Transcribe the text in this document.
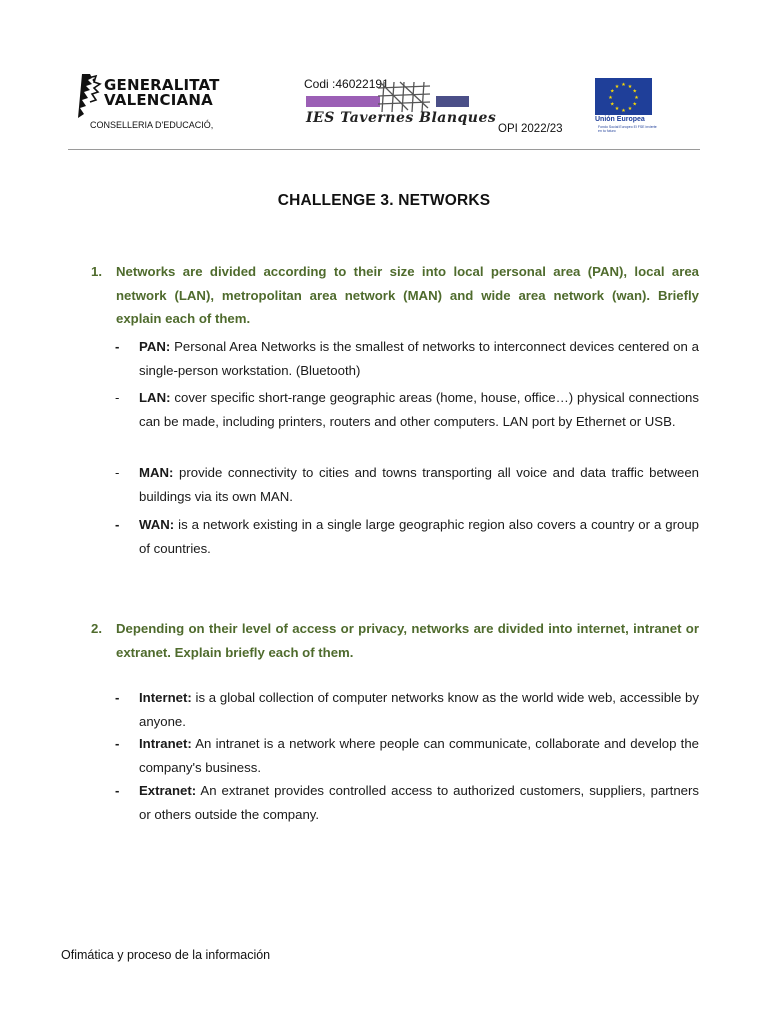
GENERALITAT
VALENCIANA
CONSELLERIA D'EDUCACIÓ,
Codi :46022191
IES Tavernes Blanques
OPI 2022/23
★ ★
★
★
★
★
★
★
★
★
★
★
Unión Europea
Fondo Social Europeo El FSE invierte en tu futuro
CHALLENGE 3. NETWORKS
1. Networks are divided according to their size into local personal area (PAN), local area network (LAN), metropolitan area network (MAN) and wide area network (wan). Briefly explain each of them.
- PAN: Personal Area Networks is the smallest of networks to interconnect devices centered on a single-person workstation. (Bluetooth)
- LAN: cover specific short-range geographic areas (home, house, office…) physical connections can be made, including printers, routers and other computers. LAN port by Ethernet or USB.
- MAN: provide connectivity to cities and towns transporting all voice and data traffic between buildings via its own MAN.
- WAN: is a network existing in a single large geographic region also covers a country or a group of countries.
2. Depending on their level of access or privacy, networks are divided into internet, intranet or extranet. Explain briefly each of them.
- Internet: is a global collection of computer networks know as the world wide web, accessible by anyone.
- Intranet: An intranet is a network where people can communicate, collaborate and develop the company's business.
- Extranet: An extranet provides controlled access to authorized customers, suppliers, partners or others outside the company.
Ofimática y proceso de la información
